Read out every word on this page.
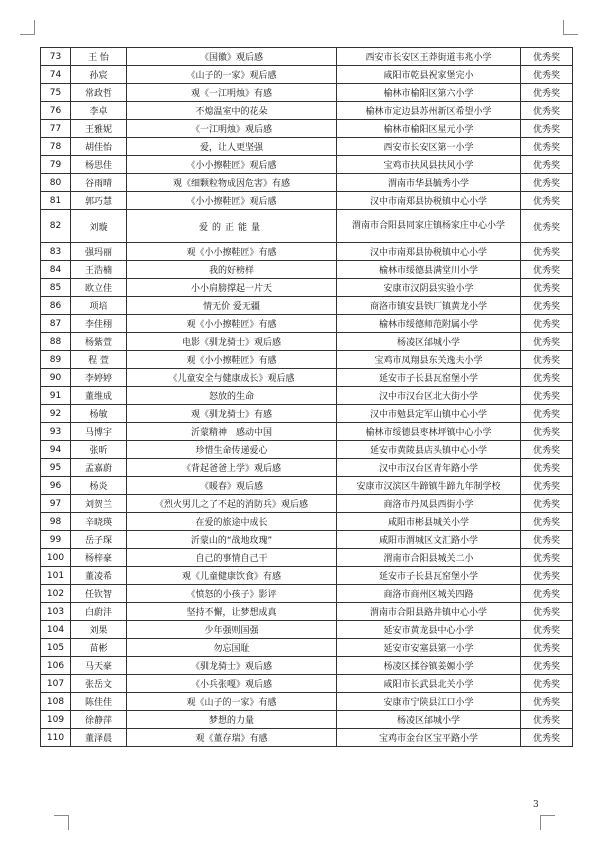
73	王 怡	《国徽》观后感	西安市长安区王莽街道韦兆小学	优秀奖
74	孙宸	《山子的一家》观后感	咸阳市乾县祝家堡完小	优秀奖
75	常政哲	观《一江明烛》有感	榆林市榆阳区第六小学	优秀奖
76	李卓	不熄温室中的花朵	榆林市定边县苏州新区希望小学	优秀奖
77	王雅妮	《一江明烛》观后感	榆林市榆阳区星元小学	优秀奖
78	胡佳怡	爱，让人更坚强	西安市长安区第一小学	优秀奖
79	杨思佳	《小小擦鞋匠》观后感	宝鸡市扶风县扶风小学	优秀奖
80	谷雨晴	观《细颗粒物成因危害》有感	渭南市华县毓秀小学	优秀奖
81	郭巧慧	《小小擦鞋匠》观后感	汉中市南郑县协税镇中心小学	优秀奖
82	刘璇	爱的正能量	渭南市合阳县同家庄镇杨家庄中心小学	优秀奖
83	强玛丽	观《小小擦鞋匠》有感	汉中市南郑县协税镇中心小学	优秀奖
84	王浩楠	我的好榜样	榆林市绥德县满堂川小学	优秀奖
85	欧立佳	小小肩膀撑起一片天	安康市汉阴县实验小学	优秀奖
86	项培	情无价 爱无疆	商洛市镇安县铁厂镇黄龙小学	优秀奖
87	李佳栩	观《小小擦鞋匠》有感	榆林市绥德师范附属小学	优秀奖
88	杨紫萱	电影《驯龙骑士》观后感	杨凌区邰城小学	优秀奖
89	程 萱	观《小小擦鞋匠》有感	宝鸡市凤翔县东关逸夫小学	优秀奖
90	李婷婷	《儿童安全与健康成长》观后感	延安市子长县瓦窑堡小学	优秀奖
91	董维成	怒放的生命	汉中市汉台区北大街小学	优秀奖
92	杨敏	观《驯龙骑士》有感	汉中市勉县定军山镇中心小学	优秀奖
93	马博宇	沂蒙精神　感动中国	榆林市绥德县枣林坪镇中心小学	优秀奖
94	张昕	珍惜生命传递爱心	延安市黄陵县店头镇中心小学	优秀奖
95	孟嘉蔚	《背起爸爸上学》观后感	汉中市汉台区青年路小学	优秀奖
96	杨炎	《暖春》观后感	安康市汉滨区牛蹄镇牛蹄九年制学校	优秀奖
97	刘贺兰	《烈火男儿之了不起的消防兵》观后感	商洛市丹凤县西街小学	优秀奖
98	辛晓瑛	在爱的旅途中成长	咸阳市彬县城关小学	优秀奖
99	岳子琛	沂蒙山的“战地玫瑰”	咸阳市渭城区文汇路小学	优秀奖
100	杨梓豪	自己的事情自己干	渭南市合阳县城关二小	优秀奖
101	董凌希	观《儿童健康饮食》有感	延安市子长县瓦窑堡小学	优秀奖
102	任钦智	《愤怒的小孩子》影评	商洛市商州区城关四路	优秀奖
103	白蔚沣	坚持不懈，让梦想成真	渭南市合阳县路井镇中心小学	优秀奖
104	刘果	少年强则国强	延安市黄龙县中心小学	优秀奖
105	苗彬	勿忘国耻	延安市安塞县第一小学	优秀奖
106	马天豪	《驯龙骑士》观后感	杨凌区揉谷镇姜嫄小学	优秀奖
107	张岳文	《小兵张嘎》观后感	咸阳市长武县北关小学	优秀奖
108	陈佳佳	观《山子的一家》有感	安康市宁陕县江口小学	优秀奖
109	徐静萍	梦想的力量	杨凌区邰城小学	优秀奖
110	董泽晨	观《董存瑞》有感	宝鸡市金台区宝平路小学	优秀奖
3
